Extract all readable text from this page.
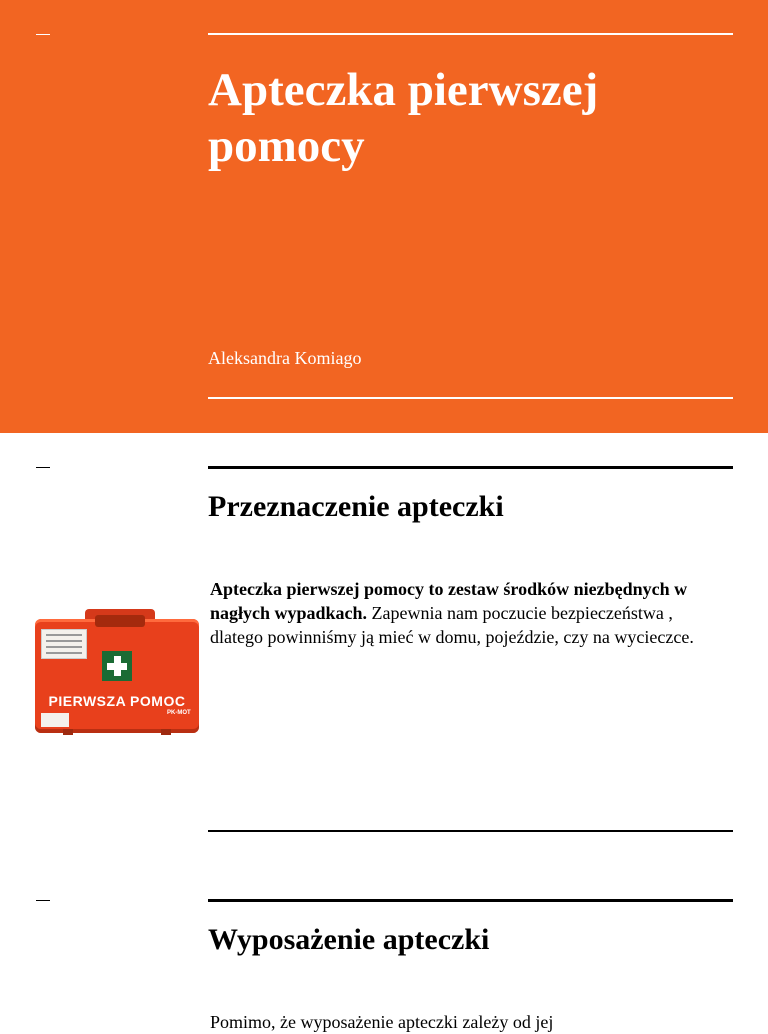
Apteczka pierwszej pomocy
Aleksandra Komiago
Przeznaczenie apteczki
PIERWSZA POMOC
PK-MOT
Apteczka pierwszej pomocy to zestaw środków niezbędnych w nagłych wypadkach. Zapewnia nam poczucie bezpieczeństwa , dlatego powinniśmy ją mieć w domu, pojeździe, czy na wycieczce.
Wyposażenie apteczki
Pomimo, że wyposażenie apteczki zależy od jej
